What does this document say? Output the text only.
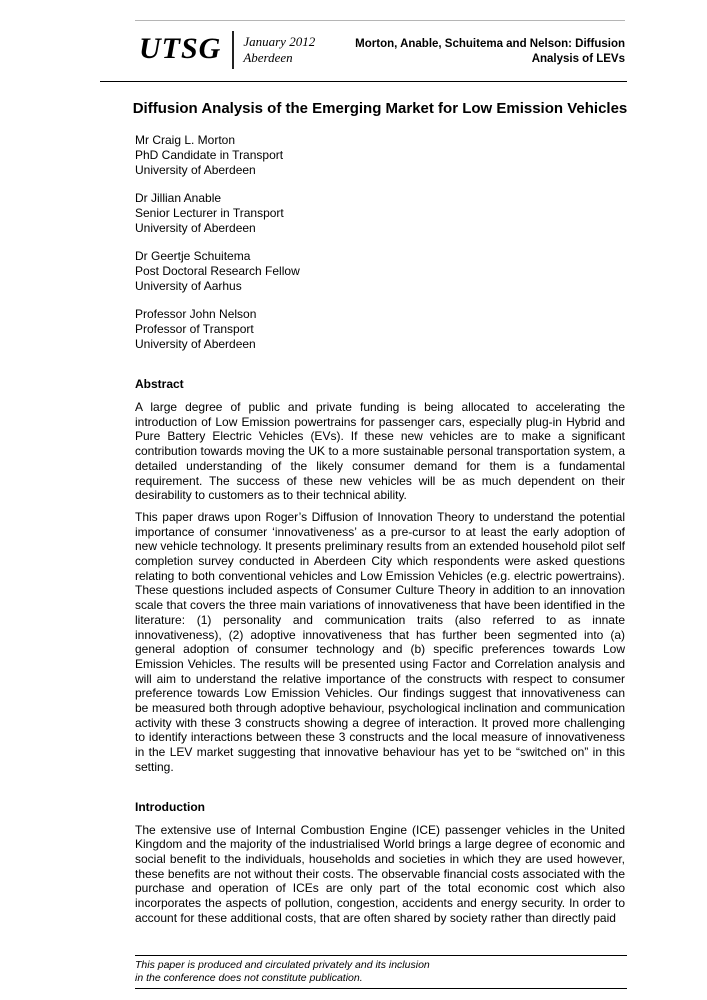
UTSG January 2012
Aberdeen
Morton, Anable, Schuitema and Nelson: Diffusion
Analysis of LEVs
Diffusion Analysis of the Emerging Market for Low Emission Vehicles
Mr Craig L. Morton
PhD Candidate in Transport
University of Aberdeen
Dr Jillian Anable
Senior Lecturer in Transport
University of Aberdeen
Dr Geertje Schuitema
Post Doctoral Research Fellow
University of Aarhus
Professor John Nelson
Professor of Transport
University of Aberdeen
Abstract

A large degree of public and private funding is being allocated to accelerating the introduction of Low Emission powertrains for passenger cars, especially plug-in Hybrid and Pure Battery Electric Vehicles (EVs). If these new vehicles are to make a significant contribution towards moving the UK to a more sustainable personal transportation system, a detailed understanding of the likely consumer demand for them is a fundamental requirement. The success of these new vehicles will be as much dependent on their desirability to customers as to their technical ability.

This paper draws upon Roger’s Diffusion of Innovation Theory to understand the potential importance of consumer ‘innovativeness’ as a pre-cursor to at least the early adoption of new vehicle technology. It presents preliminary results from an extended household pilot self completion survey conducted in Aberdeen City which respondents were asked questions relating to both conventional vehicles and Low Emission Vehicles (e.g. electric powertrains). These questions included aspects of Consumer Culture Theory in addition to an innovation scale that covers the three main variations of innovativeness that have been identified in the literature: (1) personality and communication traits (also referred to as innate innovativeness), (2) adoptive innovativeness that has further been segmented into (a) general adoption of consumer technology and (b) specific preferences towards Low Emission Vehicles. The results will be presented using Factor and Correlation analysis and will aim to understand the relative importance of the constructs with respect to consumer preference towards Low Emission Vehicles. Our findings suggest that innovativeness can be measured both through adoptive behaviour, psychological inclination and communication activity with these 3 constructs showing a degree of interaction. It proved more challenging to identify interactions between these 3 constructs and the local measure of innovativeness in the LEV market suggesting that innovative behaviour has yet to be “switched on” in this setting.

Introduction

The extensive use of Internal Combustion Engine (ICE) passenger vehicles in the United Kingdom and the majority of the industrialised World brings a large degree of economic and social benefit to the individuals, households and societies in which they are used however, these benefits are not without their costs. The observable financial costs associated with the purchase and operation of ICEs are only part of the total economic cost which also incorporates the aspects of pollution, congestion, accidents and energy security. In order to account for these additional costs, that are often shared by society rather than directly paid

This paper is produced and circulated privately and its inclusion
in the conference does not constitute publication.
